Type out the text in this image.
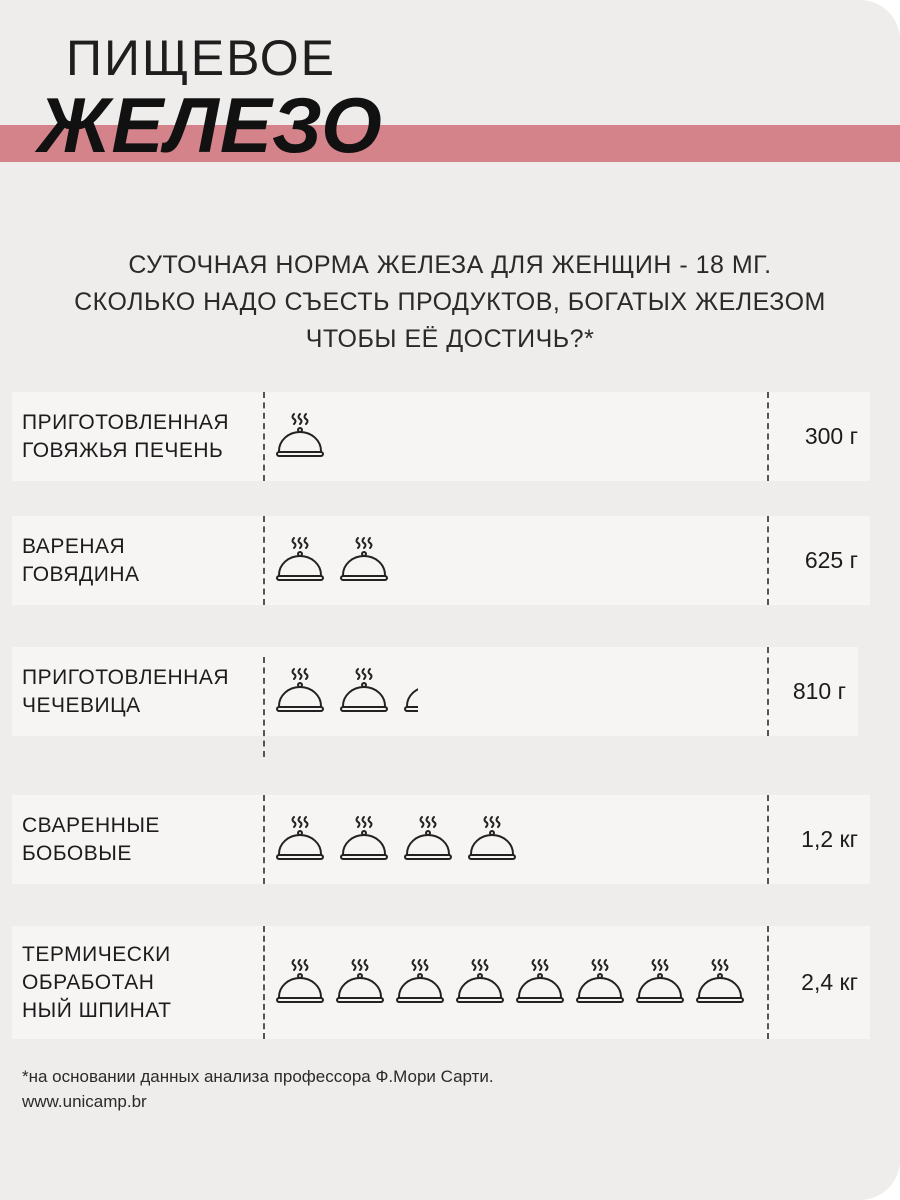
ПИЩЕВОЕ
ЖЕЛЕЗО
СУТОЧНАЯ НОРМА ЖЕЛЕЗА ДЛЯ ЖЕНЩИН - 18 МГ.
СКОЛЬКО НАДО СЪЕСТЬ ПРОДУКТОВ, БОГАТЫХ ЖЕЛЕЗОМ
ЧТОБЫ ЕЁ ДОСТИЧЬ?*
ПРИГОТОВЛЕННАЯ
ГОВЯЖЬЯ ПЕЧЕНЬ
300 г
ВАРЕНАЯ
ГОВЯДИНА
625 г
ПРИГОТОВЛЕННАЯ
ЧЕЧЕВИЦА
810 г
СВАРЕННЫЕ
БОБОВЫЕ
1,2 кг
ТЕРМИЧЕСКИ
ОБРАБОТАН
НЫЙ ШПИНАТ
2,4 кг
*на основании данных анализа профессора Ф.Мори Сарти.
www.unicamp.br
